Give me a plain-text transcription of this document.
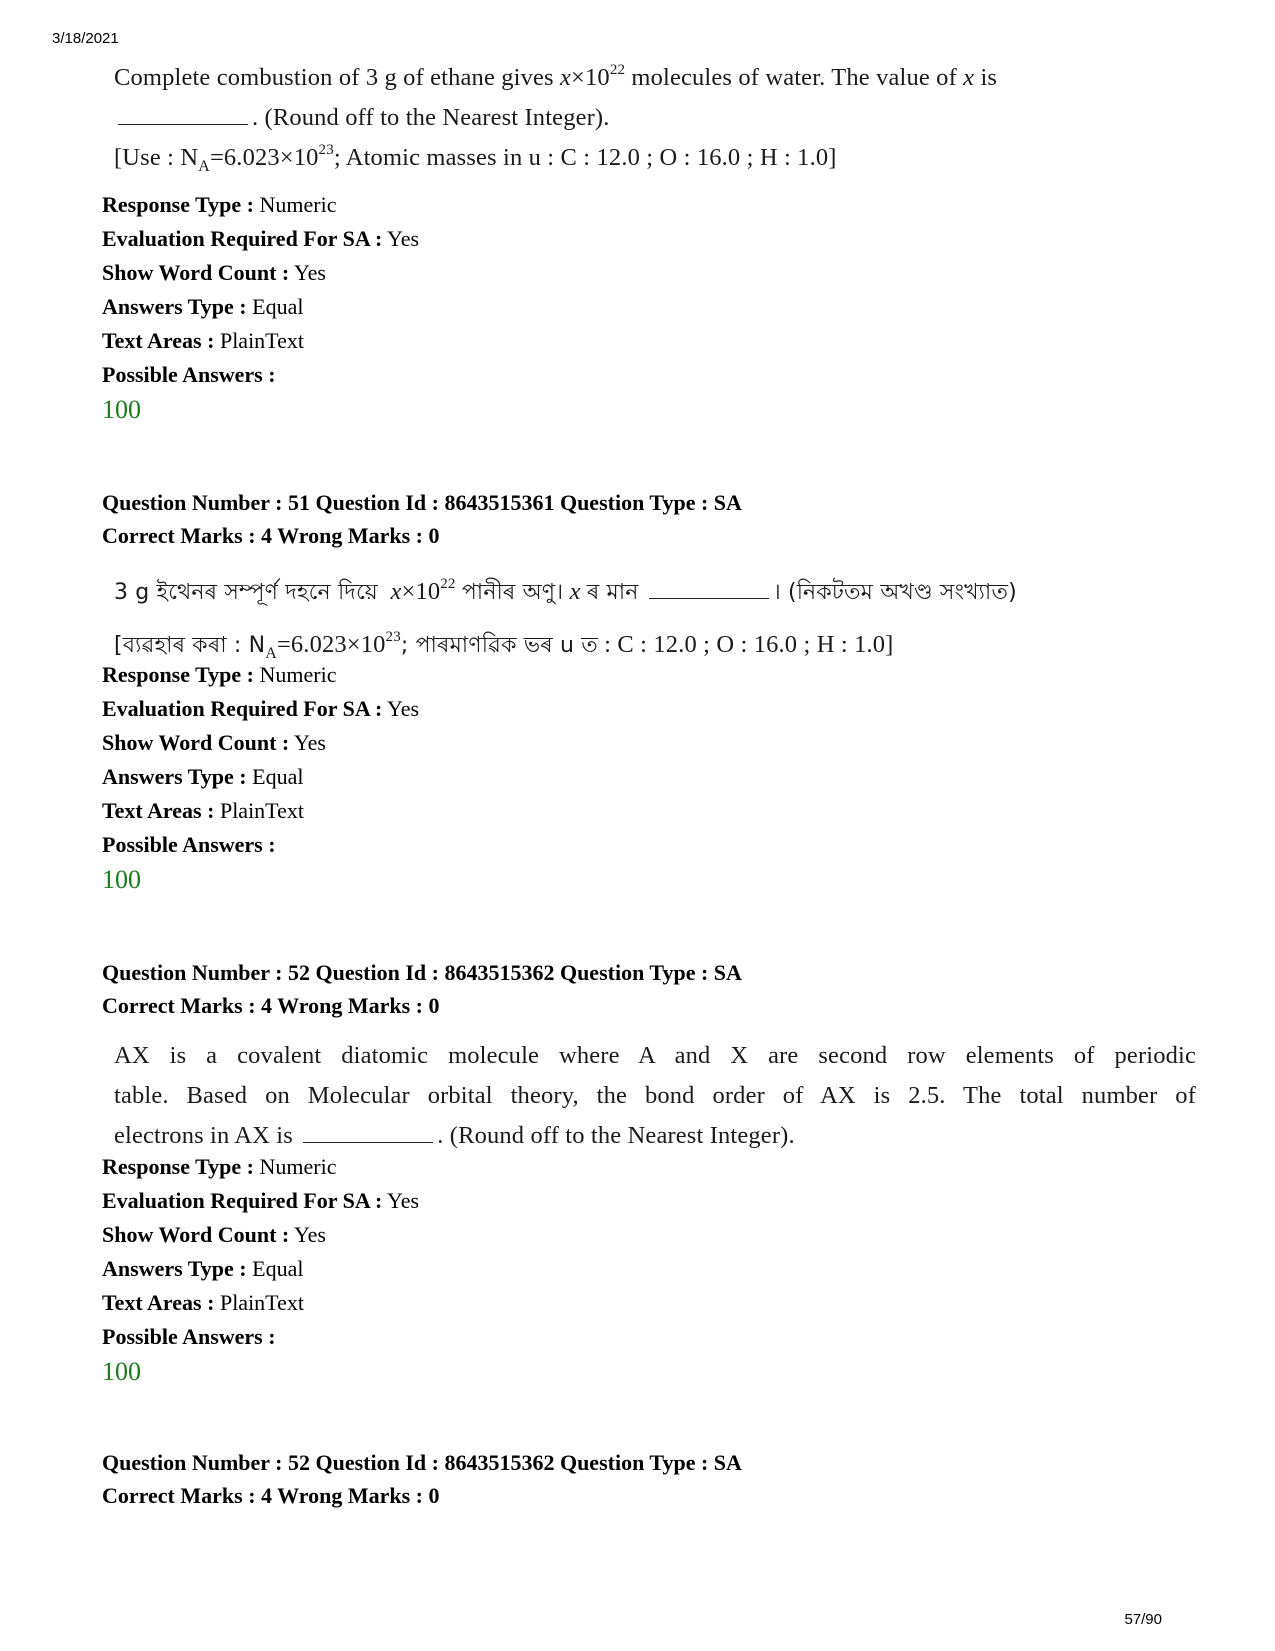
3/18/2021
Complete combustion of 3 g of ethane gives $x\times 10^{22}$ molecules of water. The value of x is
. (Round off to the Nearest Integer).
[Use : $N_A=6.023\times 10^{23}$; Atomic masses in u : C : 12.0 ; O : 16.0 ; H : 1.0]
Response Type : Numeric
Evaluation Required For SA : Yes
Show Word Count : Yes
Answers Type : Equal
Text Areas : PlainText
Possible Answers :
100
Question Number : 51 Question Id : 8643515361 Question Type : SA
Correct Marks : 4 Wrong Marks : 0
3 g ইথেনৰ সম্পূৰ্ণ দহনে দিয়ে $x\times 10^{22}$ পানীৰ অণু। x ৰ মান	। (নিকটতম অখণ্ড সংখ্যাত)
[ব্যৱহাৰ কৰা : $N_A=6.023\times 10^{23}$; পাৰমাণৱিক ভৰ u ত : C : 12.0 ; O : 16.0 ; H : 1.0]
Response Type : Numeric
Evaluation Required For SA : Yes
Show Word Count : Yes
Answers Type : Equal
Text Areas : PlainText
Possible Answers :
100
Question Number : 52 Question Id : 8643515362 Question Type : SA
Correct Marks : 4 Wrong Marks : 0
AX is a covalent diatomic molecule where A and X are second row elements of periodic
table. Based on Molecular orbital theory, the bond order of AX is 2.5. The total number of
electrons in AX is	. (Round off to the Nearest Integer).
Response Type : Numeric
Evaluation Required For SA : Yes
Show Word Count : Yes
Answers Type : Equal
Text Areas : PlainText
Possible Answers :
100
Question Number : 52 Question Id : 8643515362 Question Type : SA
Correct Marks : 4 Wrong Marks : 0
57/90
